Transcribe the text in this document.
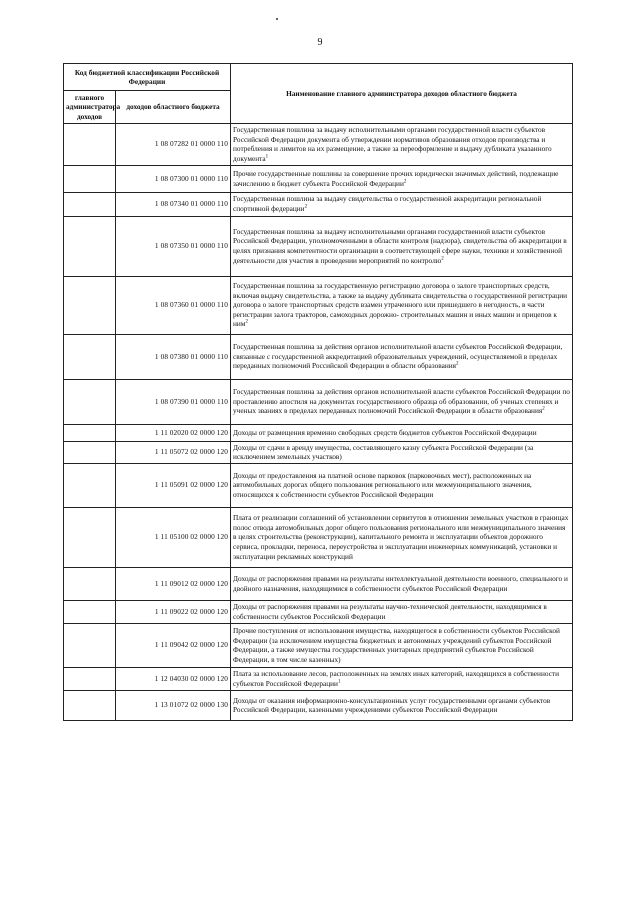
9
Код бюджетной классификации Российской Федерации		Наименование главного администратора доходов областного бюджета
главного администратора доходов	доходов областного бюджета	
	1 08 07282 01 0000 110	Государственная пошлина за выдачу исполнительными органами государственной власти субъектов Российской Федерации документа об утверждении нормативов образования отходов производства и потребления и лимитов на их размещение, а также за переоформление и выдачу дубликата указанного документа$^1$
	1 08 07300 01 0000 110	Прочие государственные пошлины за совершение прочих юридически значимых действий, подлежащие зачислению в бюджет субъекта Российской Федерации$^2$
	1 08 07340 01 0000 110	Государственная пошлина за выдачу свидетельства о государственной аккредитации региональной спортивной федерации$^2$
	1 08 07350 01 0000 110	Государственная пошлина за выдачу исполнительными органами государственной власти субъектов Российской Федерации, уполномоченными в области контроля (надзора), свидетельства об аккредитации в целях признания компетентности организации в соответствующей сфере науки, техники и хозяйственной деятельности для участия в проведении мероприятий по контролю$^2$
	1 08 07360 01 0000 110	Государственная пошлина за государственную регистрацию договора о залоге транспортных средств, включая выдачу свидетельства, а также за выдачу дубликата свидетельства о государственной регистрации договора о залоге транспортных средств взамен утраченного или пришедшего в негодность, в части регистрации залога тракторов, самоходных дорожно- строительных машин и иных машин и прицепов к ним$^2$
	1 08 07380 01 0000 110	Государственная пошлина за действия органов исполнительной власти субъектов Российской Федерации, связанные с государственной аккредитацией образовательных учреждений, осуществляемой в пределах переданных полномочий Российской Федерации в области образования$^2$
	1 08 07390 01 0000 110	Государственная пошлина за действия органов исполнительной власти субъектов Российской Федерации по проставлению апостиля на документах государственного образца об образовании, об ученых степенях и ученых званиях в пределах переданных полномочий Российской Федерации в области образования$^2$
	1 11 02020 02 0000 120	Доходы от размещения временно свободных средств бюджетов субъектов Российской Федерации
	1 11 05072 02 0000 120	Доходы от сдачи в аренду имущества, составляющего казну субъекта Российской Федерации (за исключением земельных участков)
	1 11 05091 02 0000 120	Доходы от предоставления на платной основе парковок (парковочных мест), расположенных на автомобильных дорогах общего пользования регионального или межмуниципального значения, относящихся к собственности субъектов Российской Федерации
	1 11 05100 02 0000 120	Плата от реализации соглашений об установлении сервитутов в отношении земельных участков в границах полос отвода автомобильных дорог общего пользования регионального или межмуниципального значения в целях строительства (реконструкции), капитального ремонта и эксплуатации объектов дорожного сервиса, прокладки, переноса, переустройства и эксплуатации инженерных коммуникаций, установки и эксплуатации рекламных конструкций
	1 11 09012 02 0000 120	Доходы от распоряжения правами на результаты интеллектуальной деятельности военного, специального и двойного назначения, находящимися в собственности субъектов Российской Федерации
	1 11 09022 02 0000 120	Доходы от распоряжения правами на результаты научно-технической деятельности, находящимися в собственности субъектов Российской Федерации
	1 11 09042 02 0000 120	Прочие поступления от использования имущества, находящегося в собственности субъектов Российской Федерации (за исключением имущества бюджетных и автономных учреждений субъектов Российской Федерации, а также имущества государственных унитарных предприятий субъектов Российской Федерации, в том числе казенных)
	1 12 04030 02 0000 120	Плата за использование лесов, расположенных на землях иных категорий, находящихся в собственности субъектов Российской Федерации$^1$
	1 13 01072 02 0000 130	Доходы от оказания информационно-консультационных услуг государственными органами субъектов Российской Федерации, казенными учреждениями субъектов Российской Федерации
